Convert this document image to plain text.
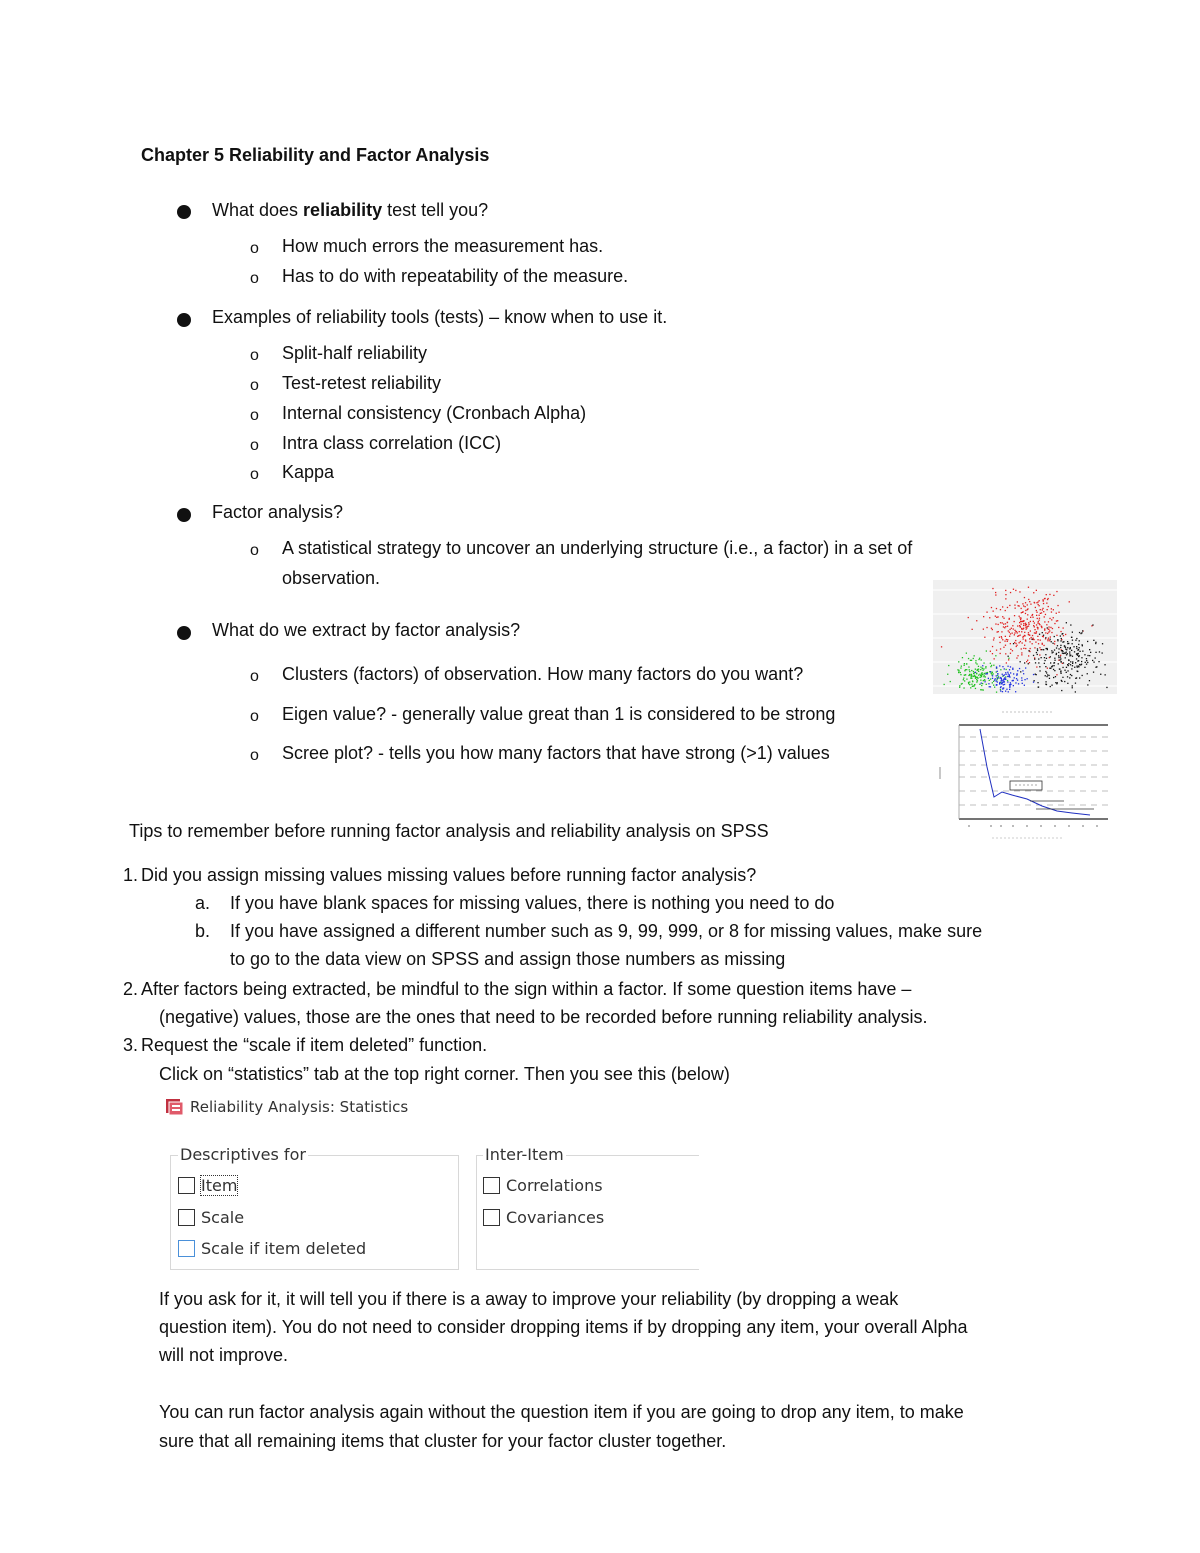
Chapter 5 Reliability and Factor Analysis
What does reliability test tell you?
o How much errors the measurement has.
o Has to do with repeatability of the measure.
Examples of reliability tools (tests) – know when to use it.
o Split-half reliability
o Test-retest reliability
o Internal consistency (Cronbach Alpha)
o Intra class correlation (ICC)
o Kappa
Factor analysis?
o A statistical strategy to uncover an underlying structure (i.e., a factor) in a set of
observation.
What do we extract by factor analysis?
o Clusters (factors) of observation. How many factors do you want?
o Eigen value? - generally value great than 1 is considered to be strong
o Scree plot? - tells you how many factors that have strong (>1) values
Tips to remember before running factor analysis and reliability analysis on SPSS
1. Did you assign missing values missing values before running factor analysis?
a. If you have blank spaces for missing values, there is nothing you need to do
b. If you have assigned a different number such as 9, 99, 999, or 8 for missing values, make sure
to go to the data view on SPSS and assign those numbers as missing
2. After factors being extracted, be mindful to the sign within a factor. If some question items have –
(negative) values, those are the ones that need to be recorded before running reliability analysis.
3. Request the “scale if item deleted” function.
Click on “statistics” tab at the top right corner. Then you see this (below)
Reliability Analysis: Statistics
Descriptives for
Item
Scale
Scale if item deleted
Inter-Item
Correlations
Covariances
If you ask for it, it will tell you if there is a away to improve your reliability (by dropping a weak
question item). You do not need to consider dropping items if by dropping any item, your overall Alpha
will not improve.
You can run factor analysis again without the question item if you are going to drop any item, to make
sure that all remaining items that cluster for your factor cluster together.
